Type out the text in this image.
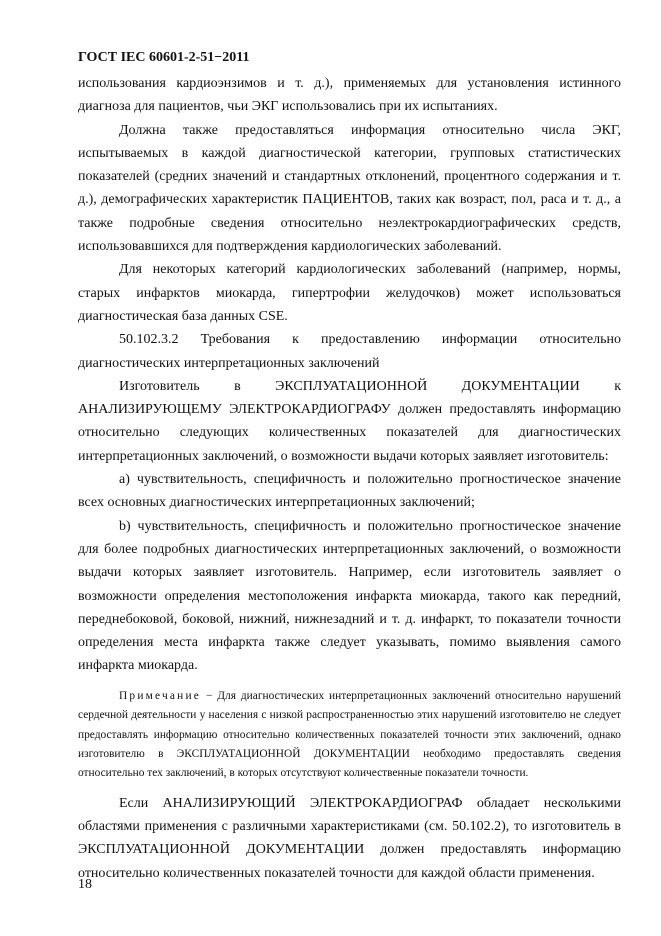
ГОСТ IEC 60601-2-51−2011

использования кардиоэнзимов и т. д.), применяемых для установления истинного диагноза для пациентов, чьи ЭКГ использовались при их испытаниях.

Должна также предоставляться информация относительно числа ЭКГ, испытываемых в каждой диагностической категории, групповых статистических показателей (средних значений и стандартных отклонений, процентного содержания и т. д.), демографических характеристик ПАЦИЕНТОВ, таких как возраст, пол, раса и т. д., а также подробные сведения относительно неэлектрокардиографических средств, использовавшихся для подтверждения кардиологических заболеваний.

Для некоторых категорий кардиологических заболеваний (например, нормы, старых инфарктов миокарда, гипертрофии желудочков) может использоваться диагностическая база данных CSE.

50.102.3.2 Требования к предоставлению информации относительно диагностических интерпретационных заключений

Изготовитель в ЭКСПЛУАТАЦИОННОЙ ДОКУМЕНТАЦИИ к АНАЛИЗИРУЮЩЕМУ ЭЛЕКТРОКАРДИОГРАФУ должен предоставлять информацию относительно следующих количественных показателей для диагностических интерпретационных заключений, о возможности выдачи которых заявляет изготовитель:

a) чувствительность, специфичность и положительно прогностическое значение всех основных диагностических интерпретационных заключений;

b) чувствительность, специфичность и положительно прогностическое значение для более подробных диагностических интерпретационных заключений, о возможности выдачи которых заявляет изготовитель. Например, если изготовитель заявляет о возможности определения местоположения инфаркта миокарда, такого как передний, переднебоковой, боковой, нижний, нижнезадний и т. д. инфаркт, то показатели точности определения места инфаркта также следует указывать, помимо выявления самого инфаркта миокарда.

Примечание − Для диагностических интерпретационных заключений относительно нарушений сердечной деятельности у населения с низкой распространенностью этих нарушений изготовителю не следует предоставлять информацию относительно количественных показателей точности этих заключений, однако изготовителю в ЭКСПЛУАТАЦИОННОЙ ДОКУМЕНТАЦИИ необходимо предоставлять сведения относительно тех заключений, в которых отсутствуют количественные показатели точности.

Если АНАЛИЗИРУЮЩИЙ ЭЛЕКТРОКАРДИОГРАФ обладает несколькими областями применения с различными характеристиками (см. 50.102.2), то изготовитель в ЭКСПЛУАТАЦИОННОЙ ДОКУМЕНТАЦИИ должен предоставлять информацию относительно количественных показателей точности для каждой области применения.

18
